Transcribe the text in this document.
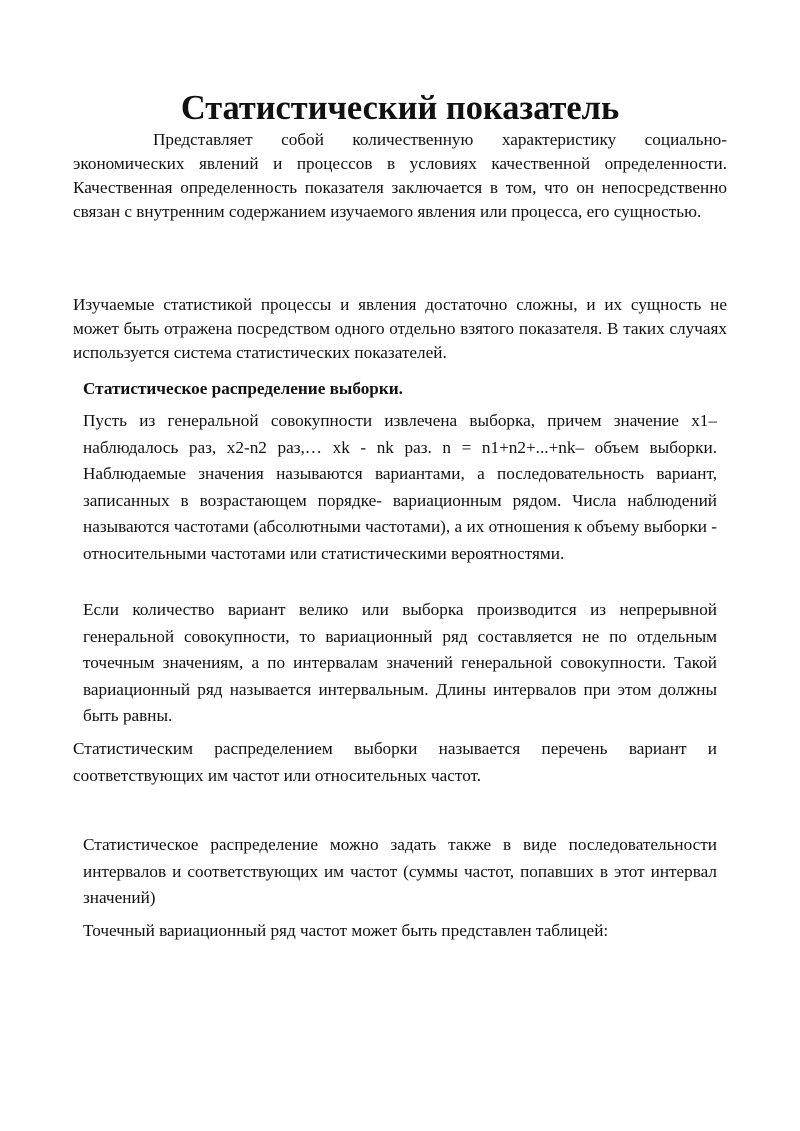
Статистический показатель

Представляет собой количественную характеристику социально-экономических явлений и процессов в условиях качественной определенности. Качественная определенность показателя заключается в том, что он непосредственно связан с внутренним содержанием изучаемого явления или процесса, его сущностью.

Изучаемые статистикой процессы и явления достаточно сложны, и их сущность не может быть отражена посредством одного отдельно взятого показателя. В таких случаях используется система статистических показателей.

Статистическое распределение выборки.

Пусть из генеральной совокупности извлечена выборка, причем значение x1–наблюдалось раз, x2-n2 раз,… xk - nk раз. n = n1+n2+...+nk– объем выборки. Наблюдаемые значения называются вариантами, а последовательность вариант, записанных в возрастающем порядке- вариационным рядом. Числа наблюдений называются частотами (абсолютными частотами), а их отношения к объему выборки - относительными частотами или статистическими вероятностями.

Если количество вариант велико или выборка производится из непрерывной генеральной совокупности, то вариационный ряд составляется не по отдельным точечным значениям, а по интервалам значений генеральной совокупности. Такой вариационный ряд называется интервальным. Длины интервалов при этом должны быть равны.

Статистическим распределением выборки называется перечень вариант и соответствующих им частот или относительных частот.

Статистическое распределение можно задать также в виде последовательности интервалов и соответствующих им частот (суммы частот, попавших в этот интервал значений)

Точечный вариационный ряд частот может быть представлен таблицей:
